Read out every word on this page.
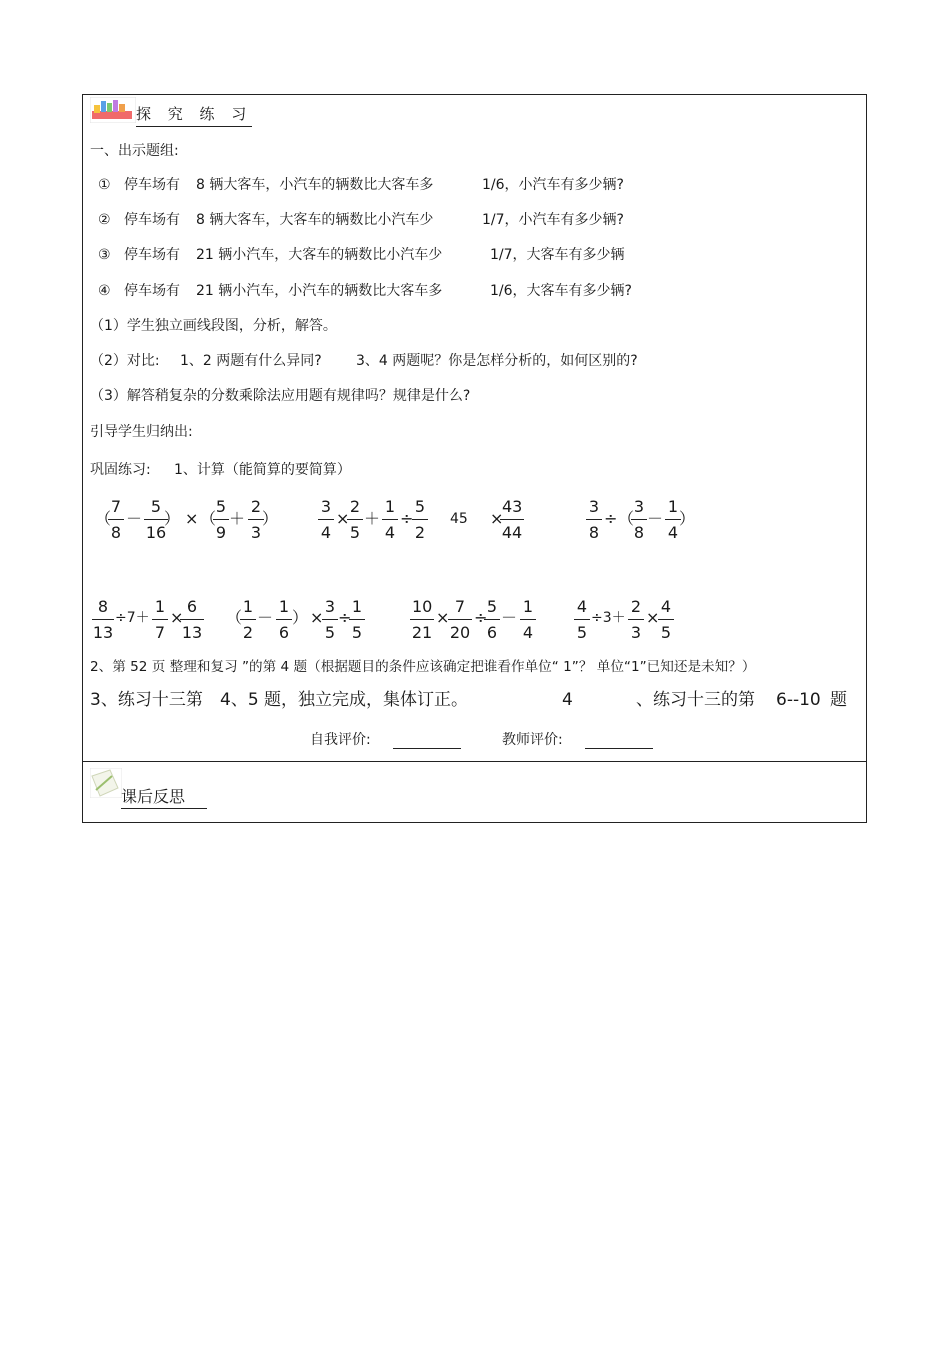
探 究 练 习
一、出示题组:
① 停车场有 8 辆大客车，小汽车的辆数比大客车多	1/6，小汽车有多少辆?
② 停车场有 8 辆大客车，大客车的辆数比小汽车少	1/7，小汽车有多少辆?
③ 停车场有 21 辆小汽车，大客车的辆数比小汽车少	1/7，大客车有多少辆
④ 停车场有 21 辆小汽车，小汽车的辆数比大客车多	1/6，大客车有多少辆?
（1）学生独立画线段图，分析，解答。
（2）对比: 1、2 两题有什么异同? 3、4 两题呢？你是怎样分析的，如何区别的?
（3）解答稍复杂的分数乘除法应用题有规律吗？规律是什么?
引导学生归纳出:
巩固练习: 1、计算（能简算的要简算）
（
7
8
－
5
16
） × （
5
9
＋
2
3
）
3
4
×
2
5
＋
1
4
÷
5
2
45 ×
43
44
3
8
÷ （
3
8
－
1
4
）
8
13
÷7＋
1
7
×
6
13
（
1
2
－
1
6
） ×
3
5
÷
1
5
10
21
×
7
20
÷
5
6
－
1
4
4
5
÷3＋
2
3
×
4
5
2、第 52 页 整理和复习 ”的第 4 题（根据题目的条件应该确定把谁看作单位“ 1”？ 单位“1”已知还是未知？）
3、练习十三第 4、5 题，独立完成，集体订正。	4	、练习十三的第 6--10 题
自我评价:	教师评价:
课后反思
